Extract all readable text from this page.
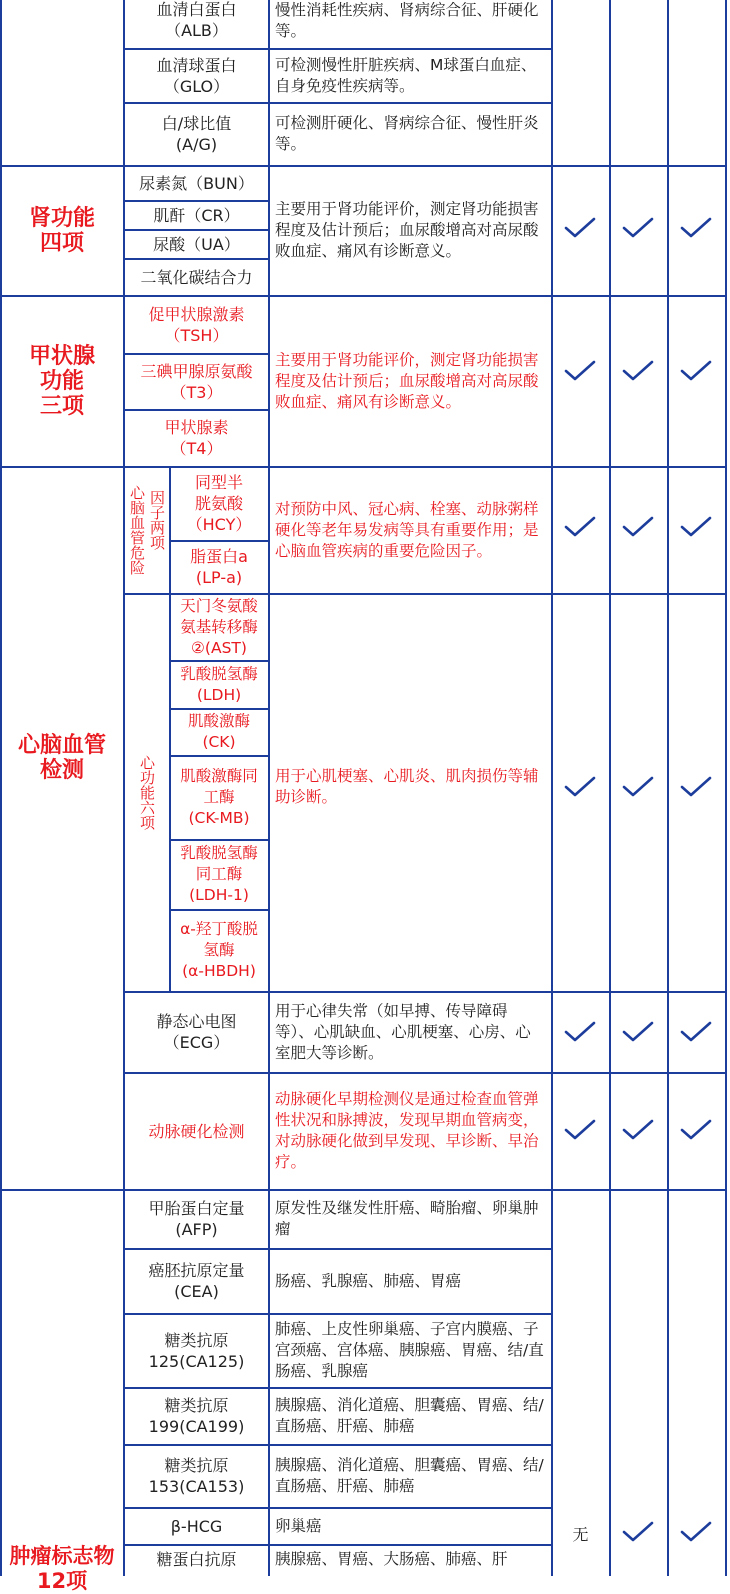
血清白蛋白
（ALB）
慢性消耗性疾病、肾病综合征、肝硬化等。
血清球蛋白
（GLO）
可检测慢性肝脏疾病、M球蛋白血症、自身免疫性疾病等。
白/球比值
(A/G)
可检测肝硬化、肾病综合征、慢性肝炎等。
肾功能
四项
尿素氮（BUN）
肌酐（CR）
尿酸（UA）
二氧化碳结合力
主要用于肾功能评价，测定肾功能损害程度及估计预后；血尿酸增高对高尿酸败血症、痛风有诊断意义。
甲状腺
功能
三项
促甲状腺激素
（TSH）
三碘甲腺原氨酸
（T3）
甲状腺素
（T4）
主要用于肾功能评价，测定肾功能损害程度及估计预后；血尿酸增高对高尿酸败血症、痛风有诊断意义。
心脑血管
检测
因子两项
心脑血管危险
同型半
胱氨酸
（HCY）
脂蛋白a
(LP-a)
对预防中风、冠心病、栓塞、动脉粥样硬化等老年易发病等具有重要作用；是心脑血管疾病的重要危险因子。
心功能六项
天门冬氨酸
氨基转移酶
②(AST)
乳酸脱氢酶
(LDH)
肌酸激酶
(CK)
肌酸激酶同
工酶
(CK-MB)
乳酸脱氢酶
同工酶
(LDH-1)
α-羟丁酸脱
氢酶
(α-HBDH)
用于心肌梗塞、心肌炎、肌肉损伤等辅助诊断。
静态心电图
（ECG）
用于心律失常（如早搏、传导障碍等）、心肌缺血、心肌梗塞、心房、心室肥大等诊断。
动脉硬化检测
动脉硬化早期检测仪是通过检查血管弹性状况和脉搏波，发现早期血管病变，对动脉硬化做到早发现、早诊断、早治疗。
肿瘤标志物
12项
甲胎蛋白定量
(AFP)
原发性及继发性肝癌、畸胎瘤、卵巢肿瘤
癌胚抗原定量
(CEA)
肠癌、乳腺癌、肺癌、胃癌
糖类抗原
125(CA125)
肺癌、上皮性卵巢癌、子宫内膜癌、子宫颈癌、宫体癌、胰腺癌、胃癌、结/直肠癌、乳腺癌
糖类抗原
199(CA199)
胰腺癌、消化道癌、胆囊癌、胃癌、结/直肠癌、肝癌、肺癌
糖类抗原
153(CA153)
胰腺癌、消化道癌、胆囊癌、胃癌、结/直肠癌、肝癌、肺癌
β-HCG	卵巢癌
糖蛋白抗原	胰腺癌、胃癌、大肠癌、肺癌、肝
无
